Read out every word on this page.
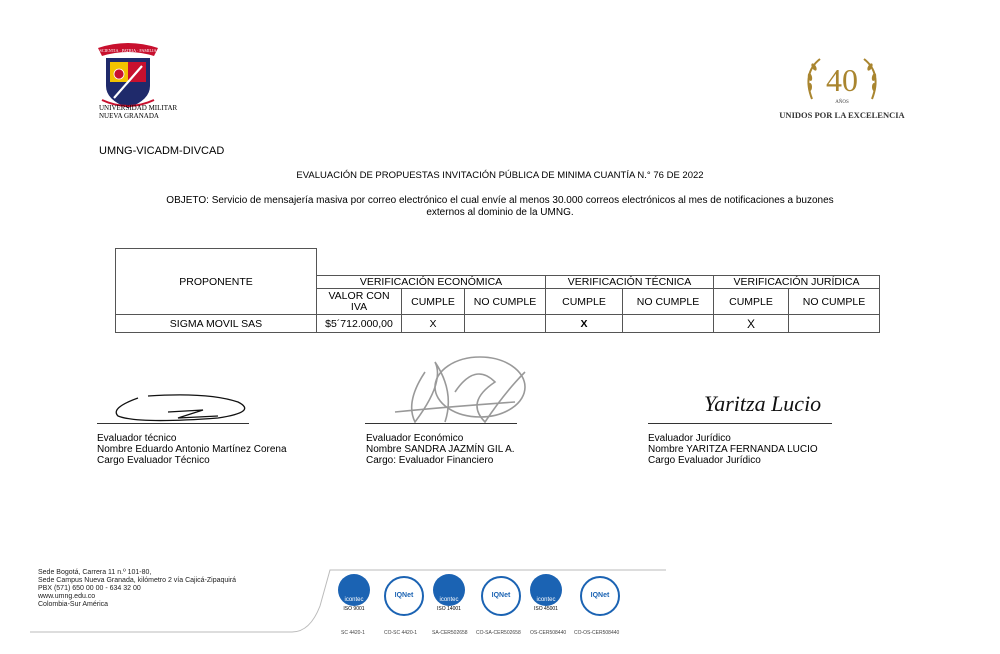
SCIENTIA · PATRIA · FAMILIA
UNIVERSIDAD MILITAR
NUEVA GRANADA
40
AÑOS
UNIDOS POR LA EXCELENCIA
UMNG-VICADM-DIVCAD
EVALUACIÓN DE PROPUESTAS INVITACIÓN PÚBLICA DE MINIMA CUANTÍA N.° 76 DE 2022
OBJETO: Servicio de mensajería masiva por correo electrónico el cual envíe al menos 30.000 correos electrónicos al mes de notificaciones a buzones
externos al dominio de la UMNG.
PROPONENTE							
	VERIFICACIÓN ECONÓMICA			VERIFICACIÓN TÉCNICA		VERIFICACIÓN JURÍDICA	
	VALOR CON IVA	CUMPLE	NO CUMPLE	CUMPLE	NO CUMPLE	CUMPLE	NO CUMPLE
SIGMA MOVIL SAS	$5´712.000,00	X		X		X	
Yaritza Lucio
Evaluador técnico
Nombre Eduardo Antonio Martínez Corena
Cargo Evaluador Técnico
Evaluador Económico
Nombre SANDRA JAZMÍN GIL A.
Cargo: Evaluador Financiero
Evaluador Jurídico
Nombre YARITZA FERNANDA LUCIO
Cargo Evaluador Jurídico
Sede Bogotá, Carrera 11 n.º 101-80,
Sede Campus Nueva Granada, kilómetro 2 vía Cajicá-Zipaquirá
PBX (571) 650 00 00 - 634 32 00
www.umng.edu.co
Colombia-Sur América
icontec
ISO 9001
IQNet
icontec
ISO 14001
IQNet
icontec
ISO 45001
IQNet
SC 4420-1	CO-SC 4420-1	SA-CER502658 CO-SA-CER502658 OS-CER508440 CO-OS-CER508440
